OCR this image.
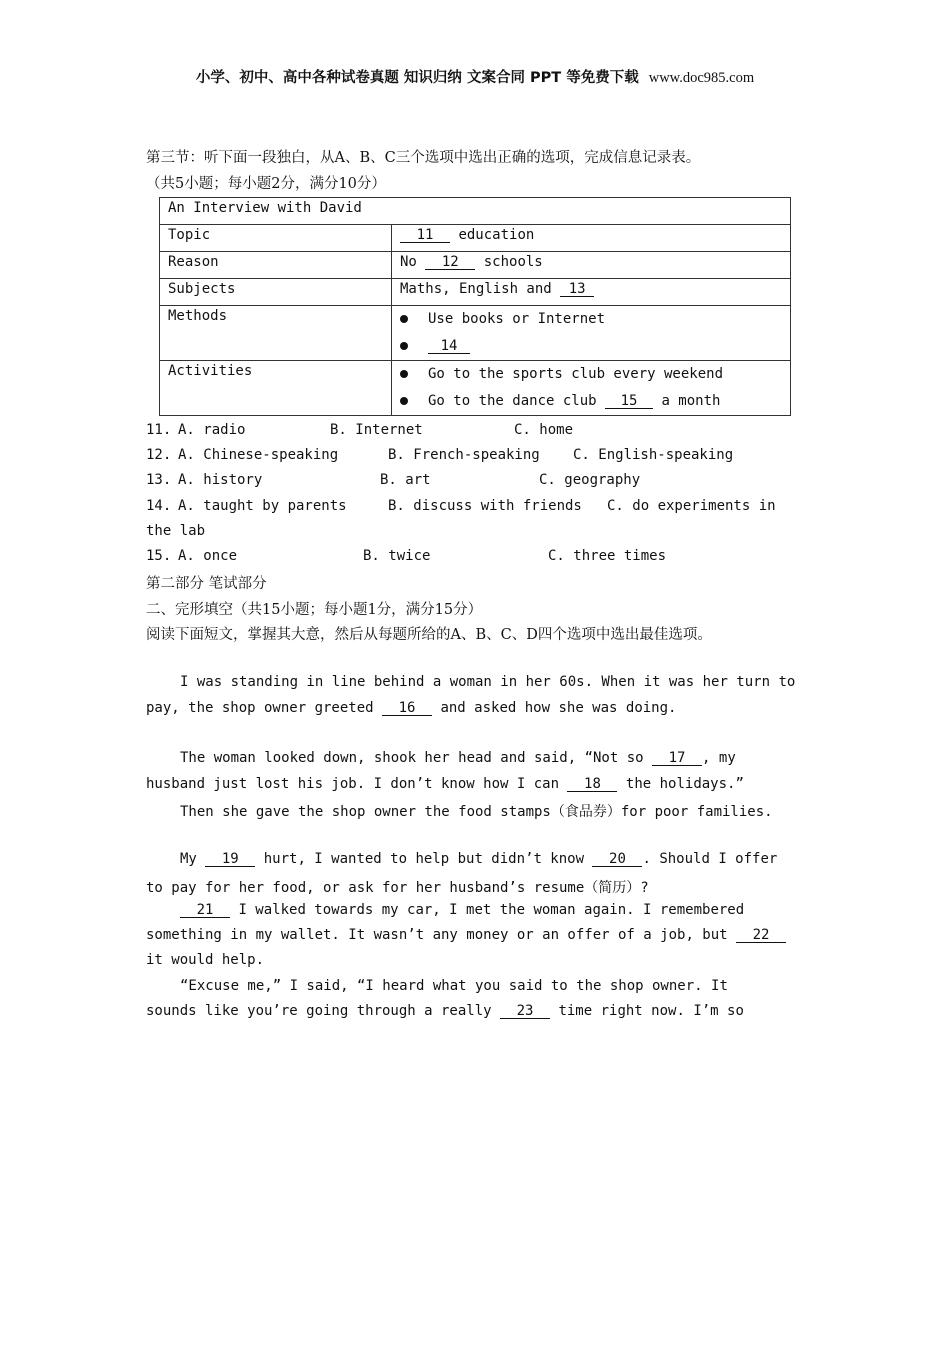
小学、初中、高中各种试卷真题 知识归纳 文案合同 PPT 等免费下载 www.doc985.com
第三节：听下面一段独白，从A、B、C三个选项中选出正确的选项，完成信息记录表。
（共5小题；每小题2分，满分10分）
An Interview with David	
Topic	11 education
Reason	No 12 schools
Subjects	Maths, English and 13
Methods	Use books or Internet
14

Activities	Go to the sports club every weekend
Go to the dance club 15 a month
11. A. radio	B. Internet	C. home
12. A. Chinese-speaking	B. French-speaking C. English-speaking
13. A. history	B. art	C. geography
14. A. taught by parents	B. discuss with friends C. do experiments in
the lab
15. A. once	B. twice	C. three times
第二部分 笔试部分
二、完形填空（共15小题；每小题1分，满分15分）
阅读下面短文，掌握其大意，然后从每题所给的A、B、C、D四个选项中选出最佳选项。
I was standing in line behind a woman in her 60s. When it was her turn to
pay, the shop owner greeted 16 and asked how she was doing.
The woman looked down, shook her head and said, “Not so 17 , my
husband just lost his job. I don’t know how I can 18 the holidays.”
Then she gave the shop owner the food stamps（食品券）for poor families.
My 19 hurt, I wanted to help but didn’t know 20 . Should I offer
to pay for her food, or ask for her husband’s resume（简历）?
21 I walked towards my car, I met the woman again. I remembered
something in my wallet. It wasn’t any money or an offer of a job, but 22
it would help.
“Excuse me,” I said, “I heard what you said to the shop owner. It
sounds like you’re going through a really 23 time right now. I’m so
